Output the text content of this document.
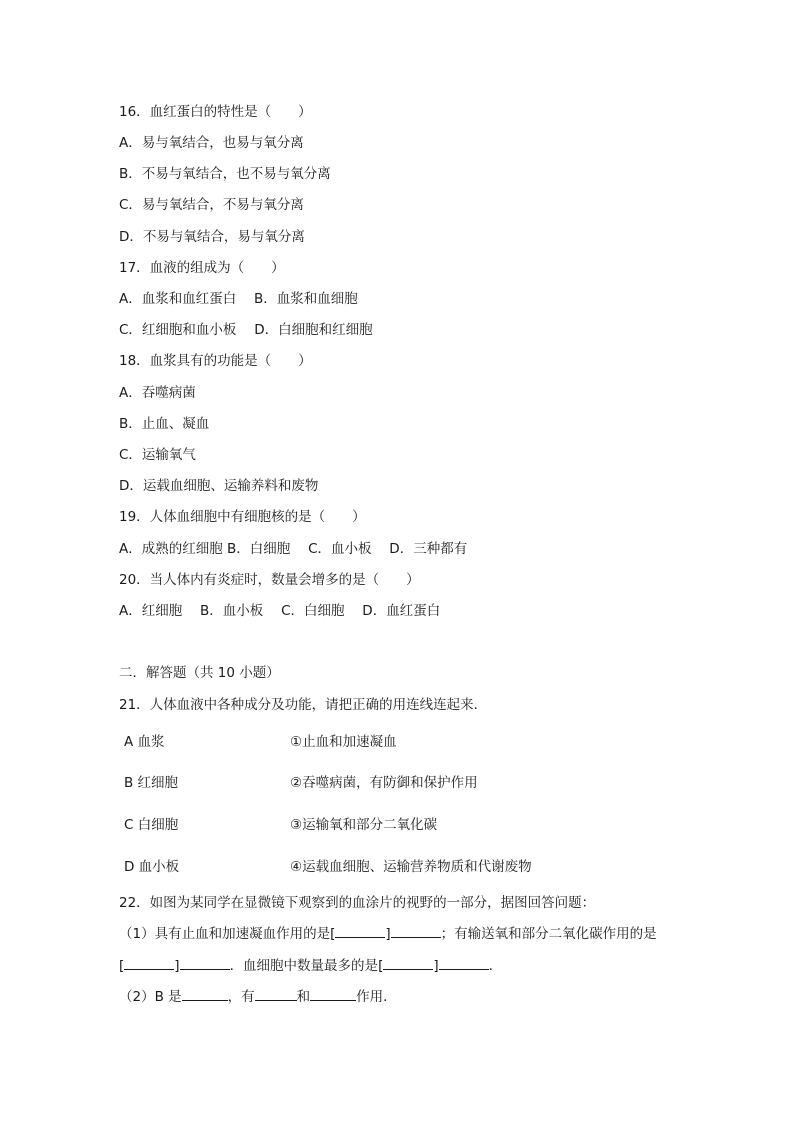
16．血红蛋白的特性是（　　）
A．易与氧结合，也易与氧分离
B．不易与氧结合，也不易与氧分离
C．易与氧结合，不易与氧分离
D．不易与氧结合，易与氧分离
17．血液的组成为（　　）
A．血浆和血红蛋白　 B．血浆和血细胞
C．红细胞和血小板　 D．白细胞和红细胞
18．血浆具有的功能是（　　）
A．吞噬病菌
B．止血、凝血
C．运输氧气
D．运载血细胞、运输养料和废物
19．人体血细胞中有细胞核的是（　　）
A．成熟的红细胞 B．白细胞　 C．血小板　 D．三种都有
20．当人体内有炎症时，数量会增多的是（　　）
A．红细胞　 B．血小板　 C．白细胞　 D．血红蛋白
二．解答题（共 10 小题）
21．人体血液中各种成分及功能，请把正确的用连线连起来．
A 血浆	①止血和加速凝血
B 红细胞	②吞噬病菌，有防御和保护作用
C 白细胞	③运输氧和部分二氧化碳
D 血小板	④运载血细胞、运输营养物质和代谢废物
22．如图为某同学在显微镜下观察到的血涂片的视野的一部分，据图回答问题：
（1）具有止血和加速凝血作用的是[	]	；有输送氧和部分二氧化碳作用的是
[	]	．血细胞中数量最多的是[	]	．
（2）B 是	，有	和	作用．
